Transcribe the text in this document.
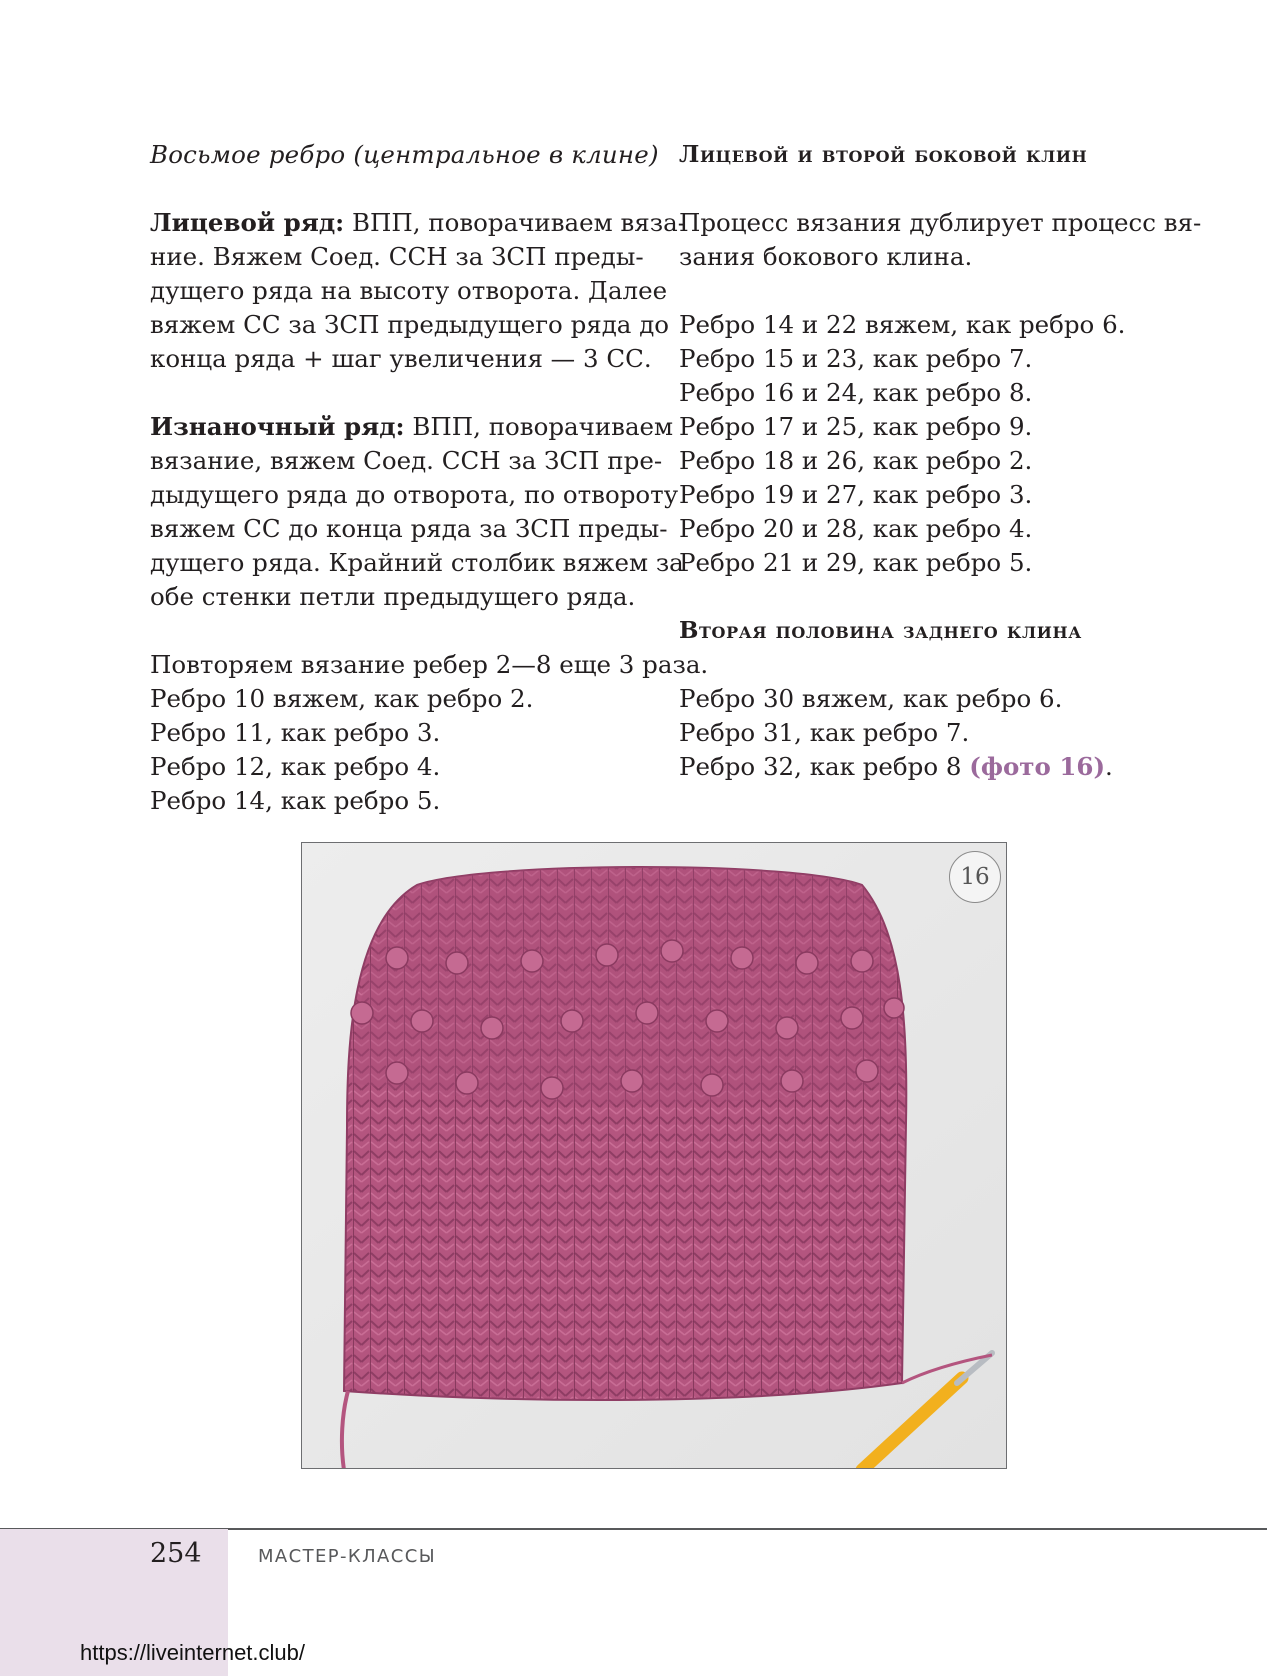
Восьмое ребро (центральное в клине)
Лицевой ряд: ВПП, поворачиваем вяза-
ние. Вяжем Соед. ССН за ЗСП преды-
дущего ряда на высоту отворота. Далее
вяжем СС за ЗСП предыдущего ряда до
конца ряда + шаг увеличения — 3 СС.
Изнаночный ряд: ВПП, поворачиваем
вязание, вяжем Соед. ССН за ЗСП пре-
дыдущего ряда до отворота, по отвороту
вяжем СС до конца ряда за ЗСП преды-
дущего ряда. Крайний столбик вяжем за
обе стенки петли предыдущего ряда.
Повторяем вязание ребер 2—8 еще 3 раза.
Ребро 10 вяжем, как ребро 2.
Ребро 11, как ребро 3.
Ребро 12, как ребро 4.
Ребро 14, как ребро 5.
Лицевой и второй боковой клин
Процесс вязания дублирует процесс вя-
зания бокового клина.
Ребро 14 и 22 вяжем, как ребро 6.
Ребро 15 и 23, как ребро 7.
Ребро 16 и 24, как ребро 8.
Ребро 17 и 25, как ребро 9.
Ребро 18 и 26, как ребро 2.
Ребро 19 и 27, как ребро 3.
Ребро 20 и 28, как ребро 4.
Ребро 21 и 29, как ребро 5.
Вторая половина заднего клина
Ребро 30 вяжем, как ребро 6.
Ребро 31, как ребро 7.
Ребро 32, как ребро 8 (фото 16).
16
254	МАСТЕР-КЛАССЫ
https://liveinternet.club/
